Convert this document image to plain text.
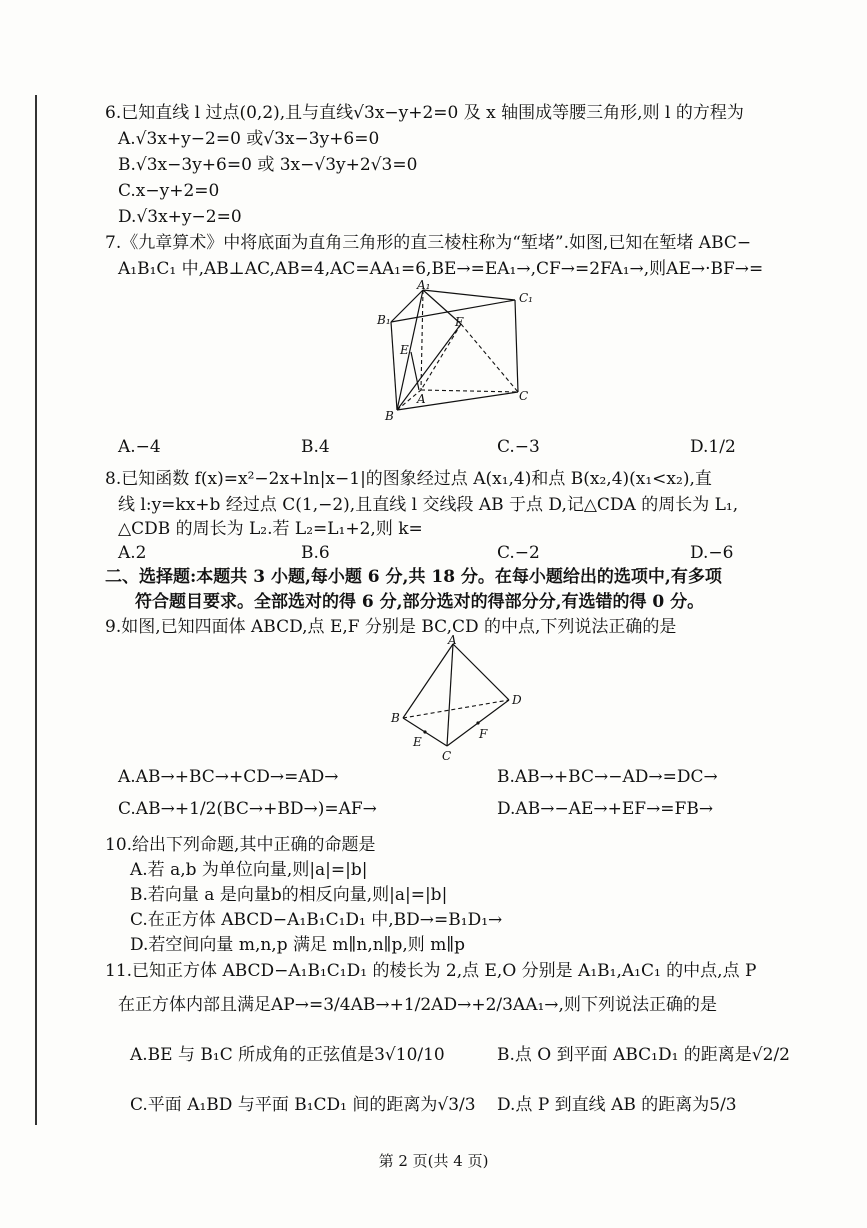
6.已知直线 l 过点(0,2),且与直线√3x−y+2=0 及 x 轴围成等腰三角形,则 l 的方程为
A.√3x+y−2=0 或√3x−3y+6=0
B.√3x−3y+6=0 或 3x−√3y+2√3=0
C.x−y+2=0
D.√3x+y−2=0
7.《九章算术》中将底面为直角三角形的直三棱柱称为“堑堵”.如图,已知在堑堵 ABC−
A₁B₁C₁ 中,AB⊥AC,AB=4,AC=AA₁=6,BE→=EA₁→,CF→=2FA₁→,则AE→·BF→=
A₁
C₁
B₁	F
E
A	C
B
A.−4	B.4	C.−3	D.1/2
8.已知函数 f(x)=x²−2x+ln|x−1|的图象经过点 A(x₁,4)和点 B(x₂,4)(x₁<x₂),直
线 l:y=kx+b 经过点 C(1,−2),且直线 l 交线段 AB 于点 D,记△CDA 的周长为 L₁,
△CDB 的周长为 L₂.若 L₂=L₁+2,则 k=
A.2	B.6	C.−2	D.−6
二、选择题:本题共 3 小题,每小题 6 分,共 18 分。在每小题给出的选项中,有多项
符合题目要求。全部选对的得 6 分,部分选对的得部分分,有选错的得 0 分。
9.如图,已知四面体 ABCD,点 E,F 分别是 BC,CD 的中点,下列说法正确的是
A
B
C
D
E
F
A.AB→+BC→+CD→=AD→	B.AB→+BC→−AD→=DC→
C.AB→+1/2(BC→+BD→)=AF→	D.AB→−AE→+EF→=FB→
10.给出下列命题,其中正确的命题是
A.若 a,b 为单位向量,则|a|=|b|
B.若向量 a 是向量b的相反向量,则|a|=|b|
C.在正方体 ABCD−A₁B₁C₁D₁ 中,BD→=B₁D₁→
D.若空间向量 m,n,p 满足 m∥n,n∥p,则 m∥p
11.已知正方体 ABCD−A₁B₁C₁D₁ 的棱长为 2,点 E,O 分别是 A₁B₁,A₁C₁ 的中点,点 P
在正方体内部且满足AP→=3/4AB→+1/2AD→+2/3AA₁→,则下列说法正确的是
A.BE 与 B₁C 所成角的正弦值是3√10/10	B.点 O 到平面 ABC₁D₁ 的距离是√2/2
C.平面 A₁BD 与平面 B₁CD₁ 间的距离为√3/3 D.点 P 到直线 AB 的距离为5/3
第 2 页(共 4 页)
